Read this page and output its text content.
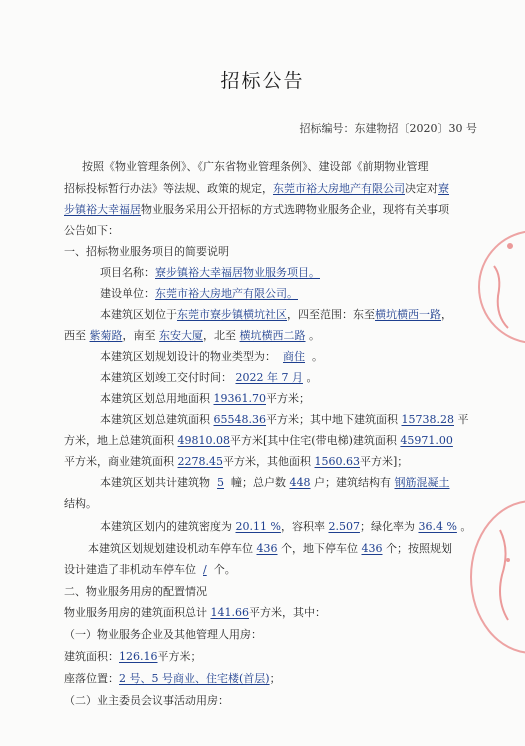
招标公告
招标编号：东建物招〔2020〕30 号
按照《物业管理条例》、《广东省物业管理条例》、建设部《前期物业管理
招标投标暂行办法》等法规、政策的规定，东莞市裕大房地产有限公司决定对寮
步镇裕大幸福居物业服务采用公开招标的方式选聘物业服务企业，现将有关事项
公告如下：
一、招标物业服务项目的简要说明
项目名称：寮步镇裕大幸福居物业服务项目。
建设单位：东莞市裕大房地产有限公司。
本建筑区划位于东莞市寮步镇横坑社区，四至范围：东至横坑横西一路，
西至 紫菊路，南至 东安大厦，北至 横坑横西二路 。
本建筑区划规划设计的物业类型为： 商住 。
本建筑区划竣工交付时间： 2022 年 7 月 。
本建筑区划总用地面积 19361.70平方米；
本建筑区划总建筑面积 65548.36平方米；其中地下建筑面积 15738.28 平
方米，地上总建筑面积 49810.08平方米[其中住宅(带电梯)建筑面积 45971.00
平方米，商业建筑面积 2278.45平方米，其他面积 1560.63平方米]；
本建筑区划共计建筑物 5 幢；总户数 448 户；建筑结构有 钢筋混凝土
结构。
本建筑区划内的建筑密度为 20.11 %，容积率 2.507；绿化率为 36.4 % 。
本建筑区划规划建设机动车停车位 436 个，地下停车位 436 个；按照规划
设计建造了非机动车停车位 / 个。
二、物业服务用房的配置情况
物业服务用房的建筑面积总计 141.66平方米，其中：
（一）物业服务企业及其他管理人用房：
建筑面积：126.16平方米；
座落位置：2 号、5 号商业、住宅楼(首层)；
（二）业主委员会议事活动用房：
